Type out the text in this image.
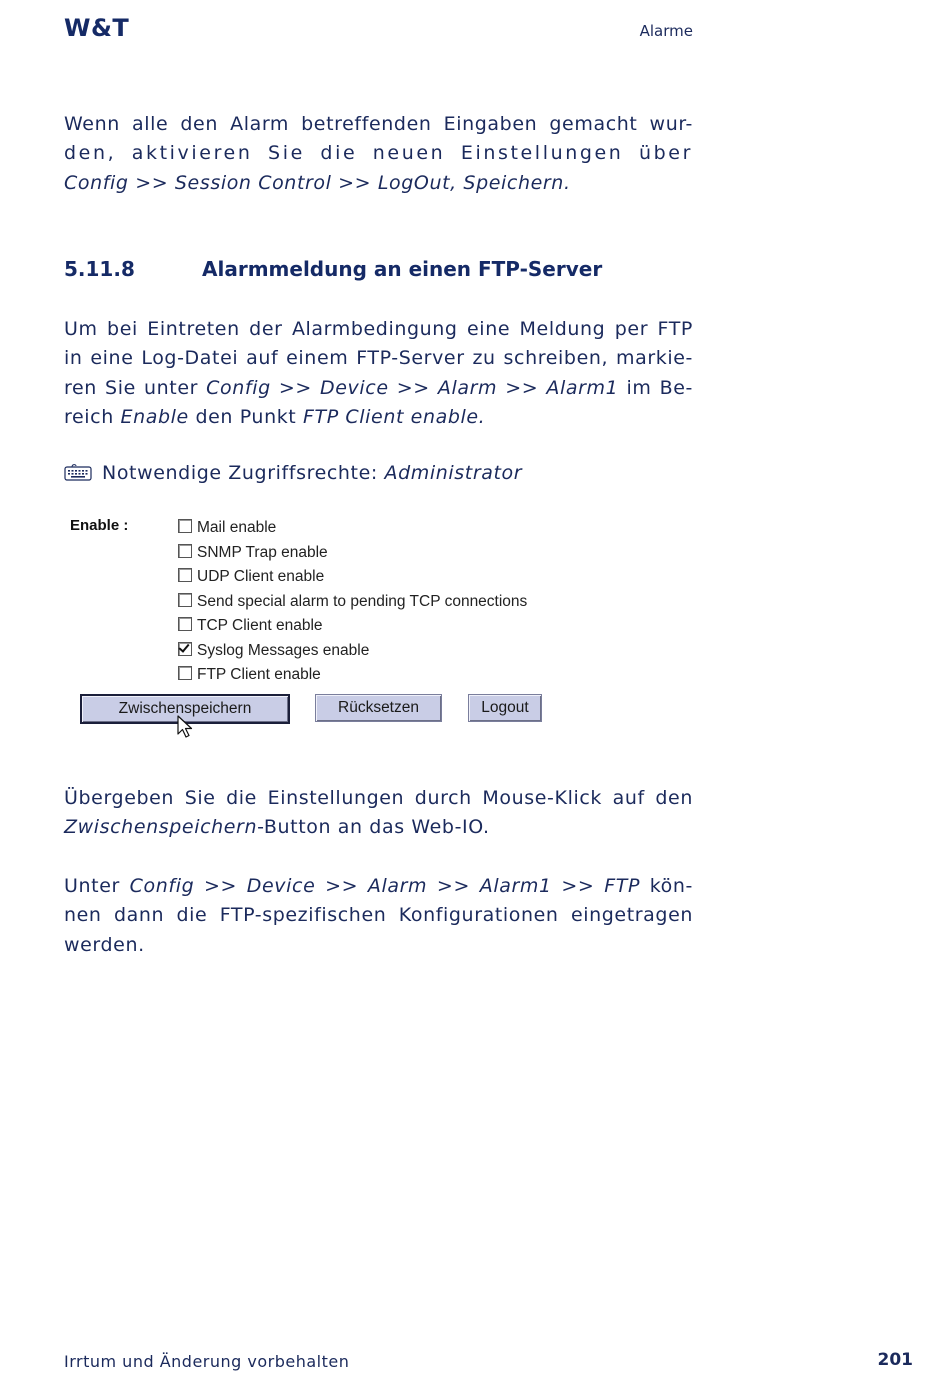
W&T	Alarme
Wenn alle den Alarm betreffenden Eingaben gemacht wur-
den, aktivieren Sie die neuen Einstellungen über
Config >> Session Control >> LogOut, Speichern.
5.11.8	Alarmmeldung an einen FTP-Server
Um bei Eintreten der Alarmbedingung eine Meldung per FTP
in eine Log-Datei auf einem FTP-Server zu schreiben, markie-
ren Sie unter Config >> Device >> Alarm >> Alarm1 im Be-
reich Enable den Punkt FTP Client enable.
Notwendige Zugriffsrechte: Administrator
Enable :	Mail enable
SNMP Trap enable
UDP Client enable
Send special alarm to pending TCP connections
TCP Client enable
Syslog Messages enable
FTP Client enable
Zwischenspeichern	Rücksetzen	Logout
Übergeben Sie die Einstellungen durch Mouse-Klick auf den
Zwischenspeichern-Button an das Web-IO.
Unter Config >> Device >> Alarm >> Alarm1 >> FTP kön-
nen dann die FTP-spezifischen Konfigurationen eingetragen
werden.
Irrtum und Änderung vorbehalten	201
